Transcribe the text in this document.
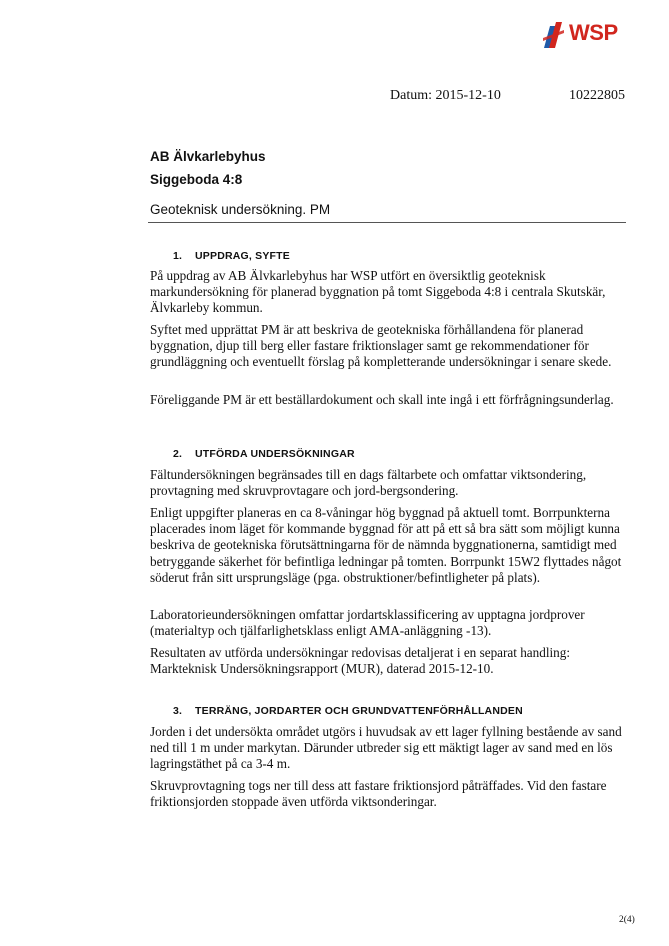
WSP
Datum: 2015-12-10	10222805
AB Älvkarlebyhus
Siggeboda 4:8
Geoteknisk undersökning. PM
1. UPPDRAG, SYFTE
På uppdrag av AB Älvkarlebyhus har WSP utfört en översiktlig geoteknisk markundersökning för planerad byggnation på tomt Siggeboda 4:8 i centrala Skutskär, Älvkarleby kommun.
Syftet med upprättat PM är att beskriva de geotekniska förhållandena för planerad byggnation, djup till berg eller fastare friktionslager samt ge rekommendationer för grundläggning och eventuellt förslag på kompletterande undersökningar i senare skede.
Föreliggande PM är ett beställardokument och skall inte ingå i ett förfrågningsunderlag.
2. UTFÖRDA UNDERSÖKNINGAR
Fältundersökningen begränsades till en dags fältarbete och omfattar viktsondering, provtagning med skruvprovtagare och jord-bergsondering.
Enligt uppgifter planeras en ca 8-våningar hög byggnad på aktuell tomt. Borrpunkterna placerades inom läget för kommande byggnad för att på ett så bra sätt som möjligt kunna beskriva de geotekniska förutsättningarna för de nämnda byggnationerna, samtidigt med betryggande säkerhet för befintliga ledningar på tomten. Borrpunkt 15W2 flyttades något söderut från sitt ursprungsläge (pga. obstruktioner/befintligheter på plats).
Laboratorieundersökningen omfattar jordartsklassificering av upptagna jordprover (materialtyp och tjälfarlighetsklass enligt AMA-anläggning -13).
Resultaten av utförda undersökningar redovisas detaljerat i en separat handling: Markteknisk Undersökningsrapport (MUR), daterad 2015-12-10.
3. TERRÄNG, JORDARTER OCH GRUNDVATTENFÖRHÅLLANDEN
Jorden i det undersökta området utgörs i huvudsak av ett lager fyllning bestående av sand ned till 1 m under markytan. Därunder utbreder sig ett mäktigt lager av sand med en lös lagringstäthet på ca 3-4 m.
Skruvprovtagning togs ner till dess att fastare friktionsjord påträffades. Vid den fastare friktionsjorden stoppade även utförda viktsonderingar.
2(4)
